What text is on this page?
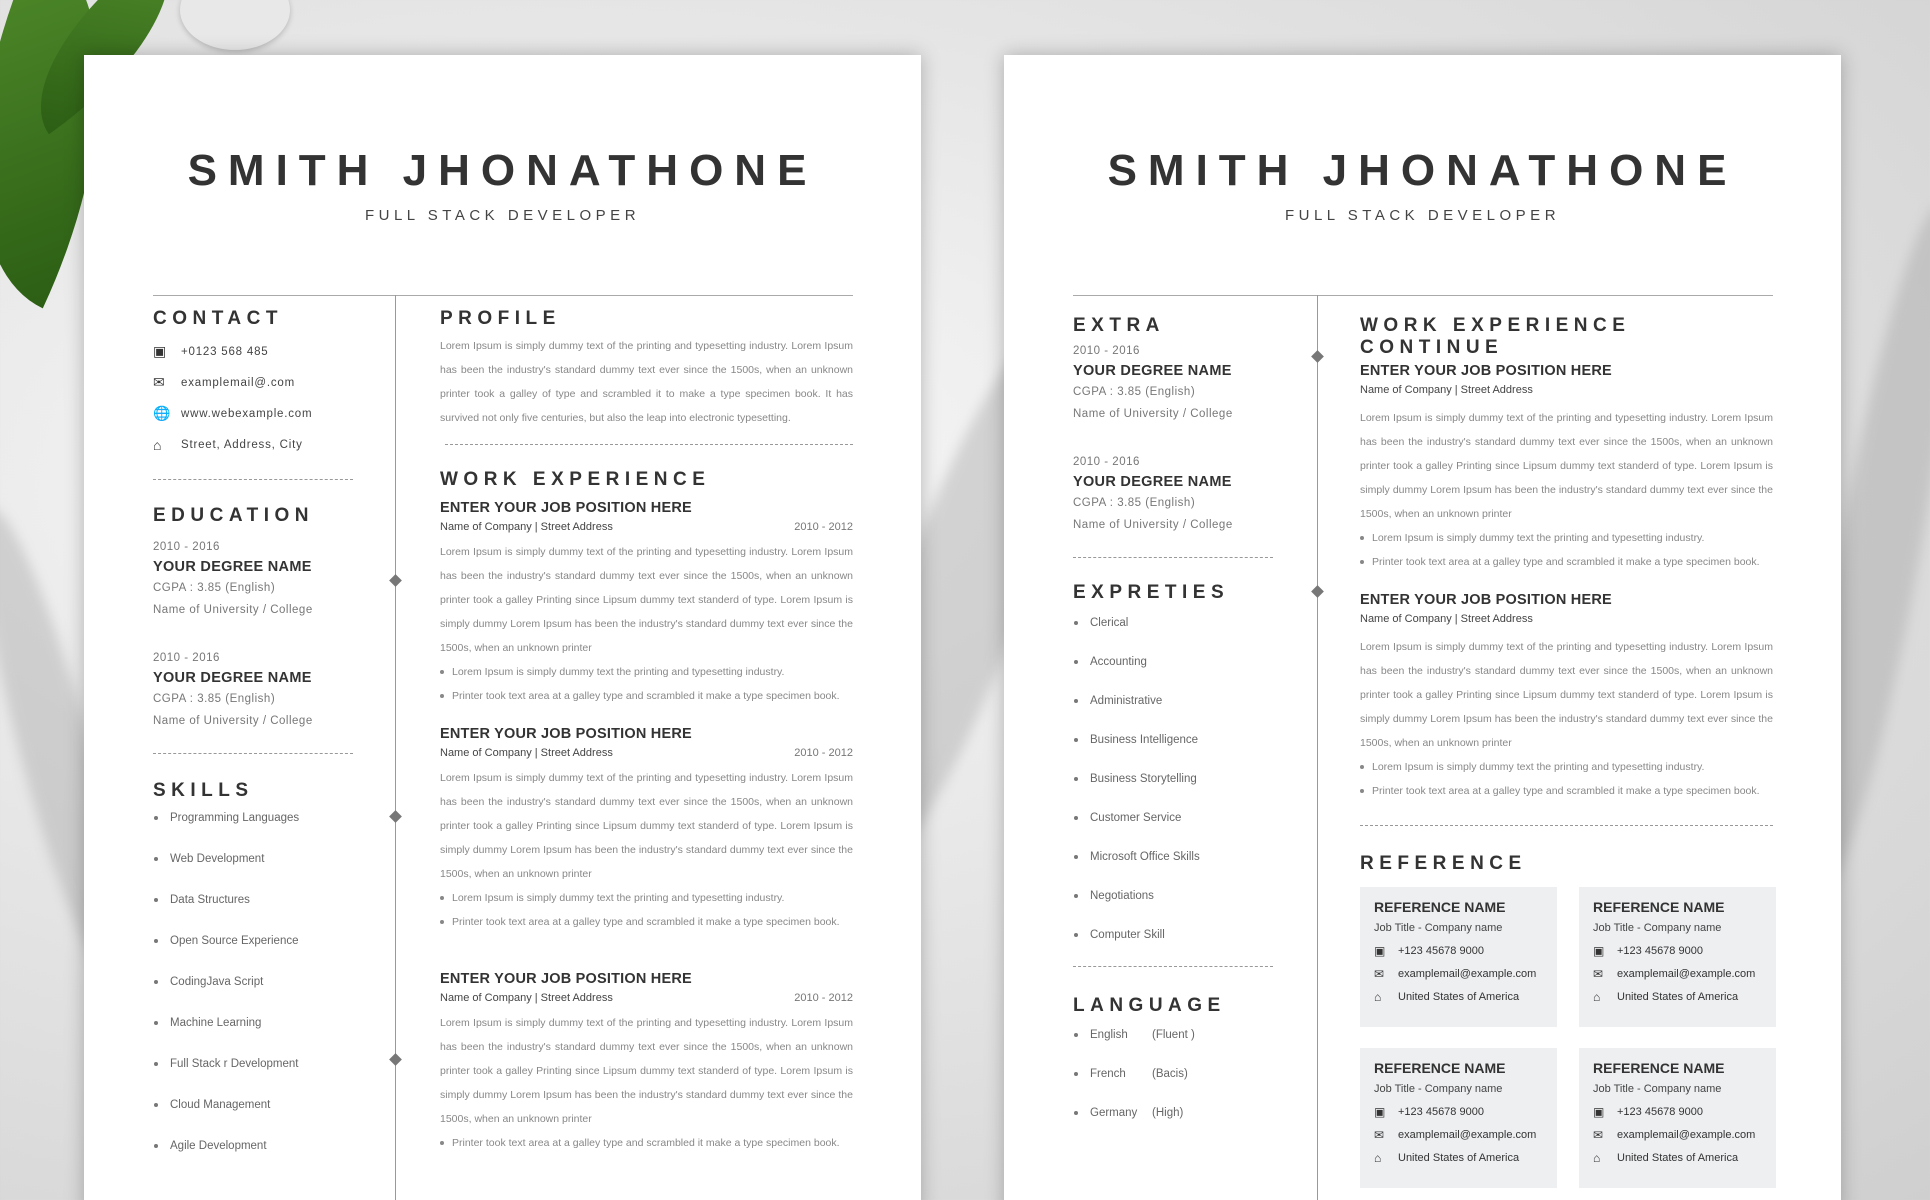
SMITH JHONATHONE
FULL STACK DEVELOPER
CONTACT
▣	+0123 568 485
✉	examplemail@.com
🌐 www.webexample.com
⌂	Street, Address, City
EDUCATION
2010 - 2016
YOUR DEGREE NAME
CGPA : 3.85 (English)
Name of University / College
2010 - 2016
YOUR DEGREE NAME
CGPA : 3.85 (English)
Name of University / College
SKILLS
Programming Languages
Web Development
Data Structures
Open Source Experience
CodingJava Script
Machine Learning
Full Stack r Development
Cloud Management
Agile Development
PROFILE
Lorem Ipsum is simply dummy text of the printing and typesetting industry. Lorem Ipsum has been the industry's standard dummy text ever since the 1500s, when an unknown printer took a galley of type and scrambled it to make a type specimen book. It has survived not only five centuries, but also the leap into electronic typesetting.
WORK EXPERIENCE
ENTER YOUR JOB POSITION HERE
Name of Company | Street Address	2010 - 2012
Lorem Ipsum is simply dummy text of the printing and typesetting industry. Lorem Ipsum has been the industry's standard dummy text ever since the 1500s, when an unknown printer took a galley Printing since Lipsum dummy text standerd of type. Lorem Ipsum is simply dummy Lorem Ipsum has been the industry's standard dummy text ever since the 1500s, when an unknown printer
Lorem Ipsum is simply dummy text the printing and typesetting industry.
Printer took text area at a galley type and scrambled it make a type specimen book.
ENTER YOUR JOB POSITION HERE
Name of Company | Street Address	2010 - 2012
Lorem Ipsum is simply dummy text of the printing and typesetting industry. Lorem Ipsum has been the industry's standard dummy text ever since the 1500s, when an unknown printer took a galley Printing since Lipsum dummy text standerd of type. Lorem Ipsum is simply dummy Lorem Ipsum has been the industry's standard dummy text ever since the 1500s, when an unknown printer
Lorem Ipsum is simply dummy text the printing and typesetting industry.
Printer took text area at a galley type and scrambled it make a type specimen book.
ENTER YOUR JOB POSITION HERE
Name of Company | Street Address	2010 - 2012
Lorem Ipsum is simply dummy text of the printing and typesetting industry. Lorem Ipsum has been the industry's standard dummy text ever since the 1500s, when an unknown printer took a galley Printing since Lipsum dummy text standerd of type. Lorem Ipsum is simply dummy Lorem Ipsum has been the industry's standard dummy text ever since the 1500s, when an unknown printer
Printer took text area at a galley type and scrambled it make a type specimen book.
SMITH JHONATHONE
FULL STACK DEVELOPER
EXTRA
2010 - 2016
YOUR DEGREE NAME
CGPA : 3.85 (English)
Name of University / College
2010 - 2016
YOUR DEGREE NAME
CGPA : 3.85 (English)
Name of University / College
EXPRETIES
Clerical
Accounting
Administrative
Business Intelligence
Business Storytelling
Customer Service
Microsoft Office Skills
Negotiations
Computer Skill
LANGUAGE
English (Fluent )
French (Bacis)
Germany (High)
WORK EXPERIENCE CONTINUE
ENTER YOUR JOB POSITION HERE
Name of Company | Street Address
Lorem Ipsum is simply dummy text of the printing and typesetting industry. Lorem Ipsum has been the industry's standard dummy text ever since the 1500s, when an unknown printer took a galley Printing since Lipsum dummy text standerd of type. Lorem Ipsum is simply dummy Lorem Ipsum has been the industry's standard dummy text ever since the 1500s, when an unknown printer
Lorem Ipsum is simply dummy text the printing and typesetting industry.
Printer took text area at a galley type and scrambled it make a type specimen book.
ENTER YOUR JOB POSITION HERE
Name of Company | Street Address
Lorem Ipsum is simply dummy text of the printing and typesetting industry. Lorem Ipsum has been the industry's standard dummy text ever since the 1500s, when an unknown printer took a galley Printing since Lipsum dummy text standerd of type. Lorem Ipsum is simply dummy Lorem Ipsum has been the industry's standard dummy text ever since the 1500s, when an unknown printer
Lorem Ipsum is simply dummy text the printing and typesetting industry.
Printer took text area at a galley type and scrambled it make a type specimen book.
REFERENCE
REFERENCE NAME
Job Title - Company name
▣	+123 45678 9000
✉	examplemail@example.com
⌂	United States of America
REFERENCE NAME
Job Title - Company name
▣	+123 45678 9000
✉	examplemail@example.com
⌂	United States of America
REFERENCE NAME
Job Title - Company name
▣	+123 45678 9000
✉	examplemail@example.com
⌂	United States of America
REFERENCE NAME
Job Title - Company name
▣	+123 45678 9000
✉	examplemail@example.com
⌂	United States of America
